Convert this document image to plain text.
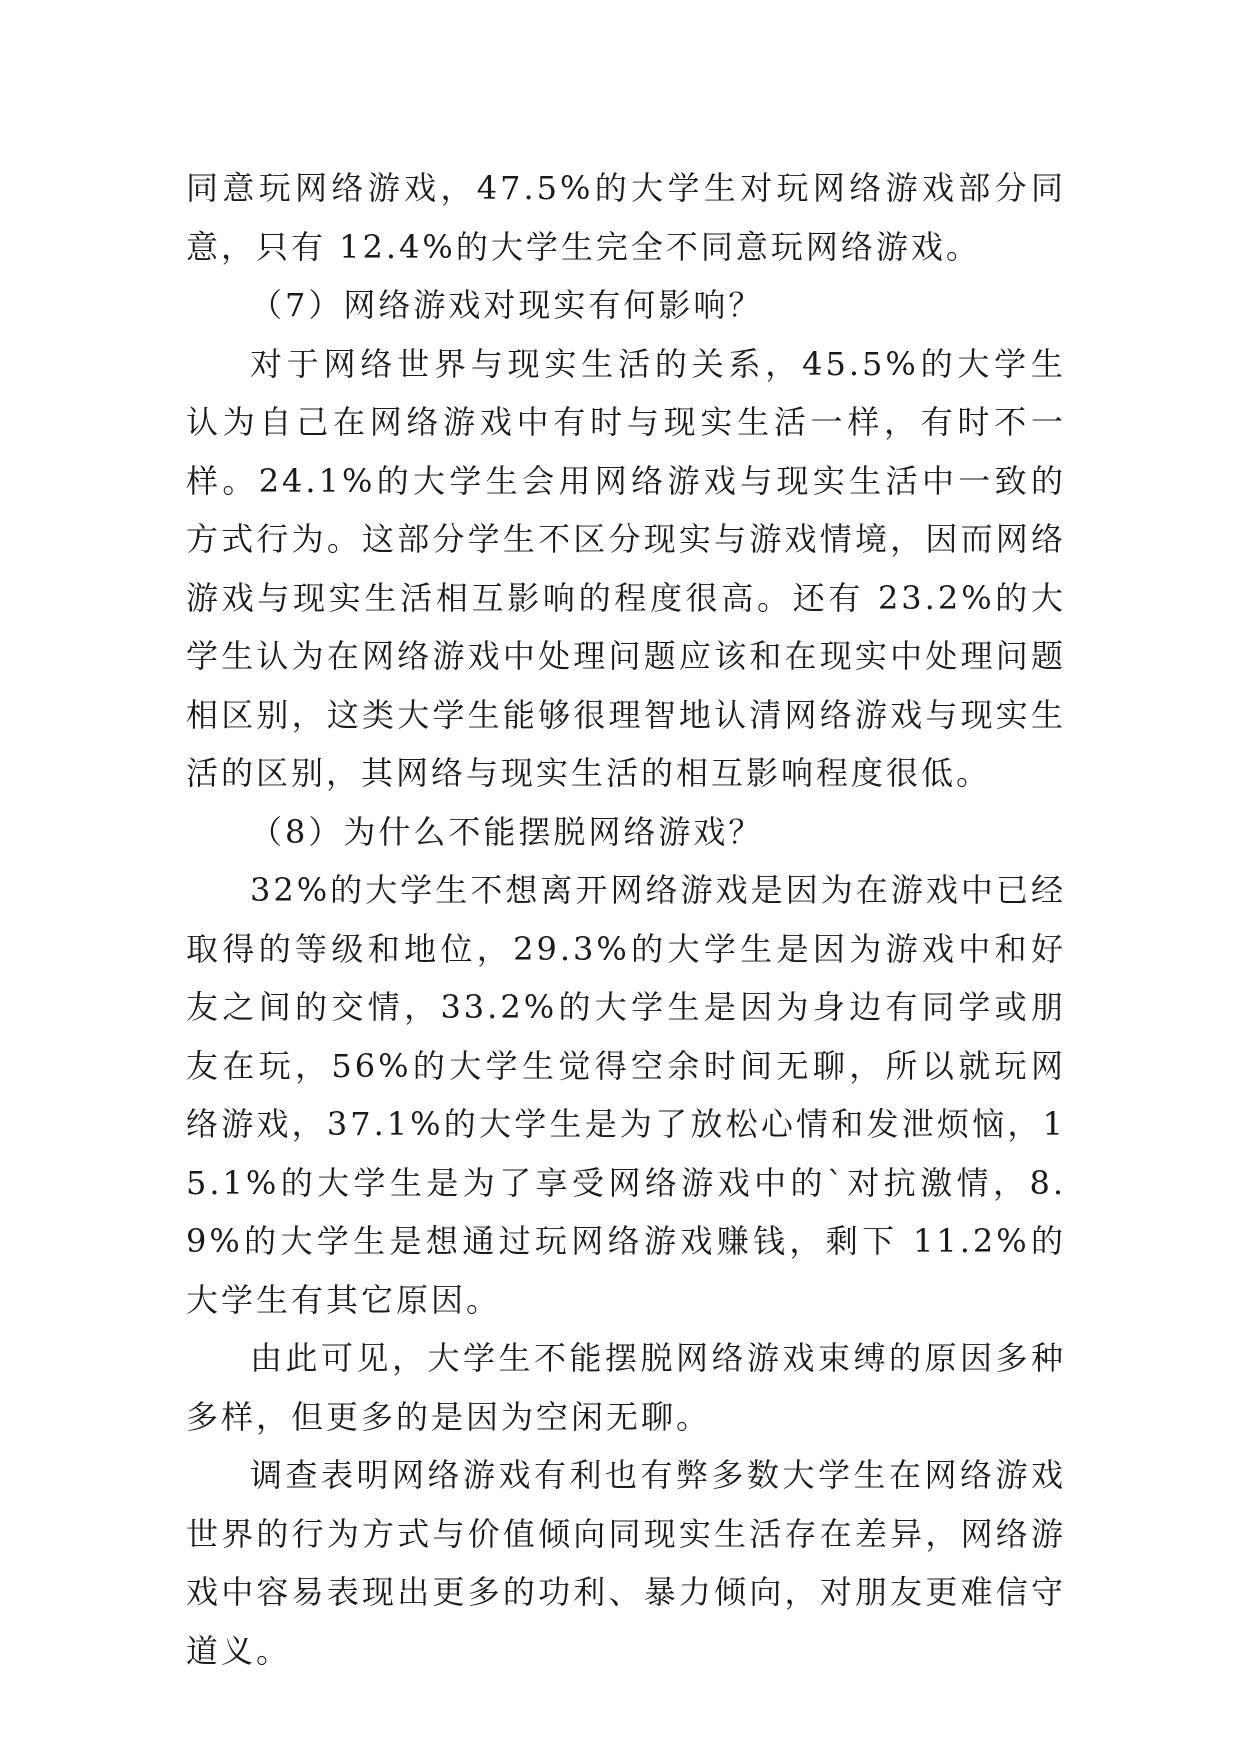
同意玩网络游戏，47.5%的大学生对玩网络游戏部分同意，只有 12.4%的大学生完全不同意玩网络游戏。

（7）网络游戏对现实有何影响？

对于网络世界与现实生活的关系，45.5%的大学生认为自己在网络游戏中有时与现实生活一样，有时不一样。24.1%的大学生会用网络游戏与现实生活中一致的方式行为。这部分学生不区分现实与游戏情境，因而网络游戏与现实生活相互影响的程度很高。还有 23.2%的大学生认为在网络游戏中处理问题应该和在现实中处理问题相区别，这类大学生能够很理智地认清网络游戏与现实生活的区别，其网络与现实生活的相互影响程度很低。

（8）为什么不能摆脱网络游戏？

32%的大学生不想离开网络游戏是因为在游戏中已经取得的等级和地位，29.3%的大学生是因为游戏中和好友之间的交情，33.2%的大学生是因为身边有同学或朋友在玩，56%的大学生觉得空余时间无聊，所以就玩网络游戏，37.1%的大学生是为了放松心情和发泄烦恼，15.1%的大学生是为了享受网络游戏中的`对抗激情，8.9%的大学生是想通过玩网络游戏赚钱，剩下 11.2%的大学生有其它原因。

由此可见，大学生不能摆脱网络游戏束缚的原因多种多样，但更多的是因为空闲无聊。

调查表明网络游戏有利也有弊多数大学生在网络游戏世界的行为方式与价值倾向同现实生活存在差异，网络游戏中容易表现出更多的功利、暴力倾向，对朋友更难信守道义。
